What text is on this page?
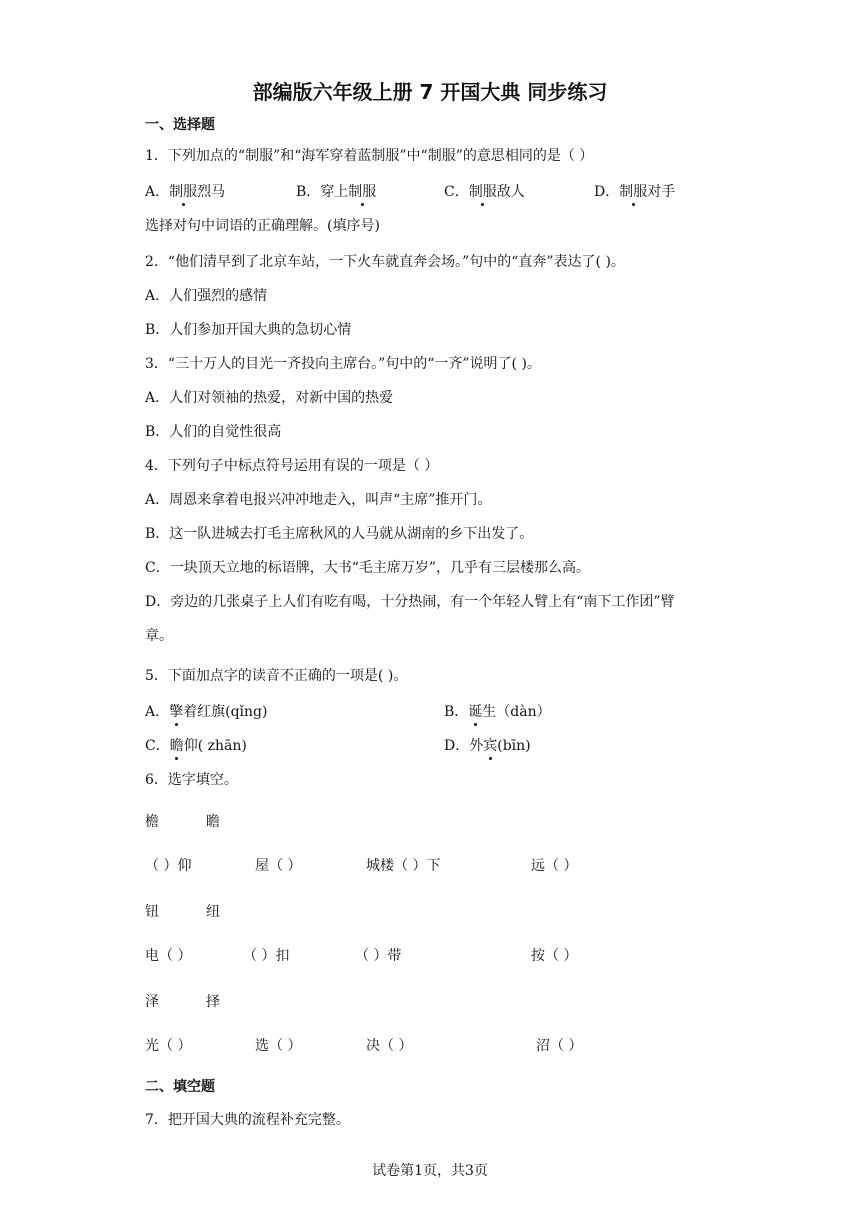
部编版六年级上册 7 开国大典 同步练习
一、选择题
1．下列加点的“制服”和“海军穿着蓝制服”中“制服”的意思相同的是（ ）
A．制服烈马	B．穿上制服	C．制服敌人	D．制服对手
选择对句中词语的正确理解。(填序号)
2．“他们清早到了北京车站，一下火车就直奔会场。”句中的“直奔”表达了( )。
A．人们强烈的感情
B．人们参加开国大典的急切心情
3．“三十万人的目光一齐投向主席台。”句中的“一齐”说明了( )。
A．人们对领袖的热爱，对新中国的热爱
B．人们的自觉性很高
4．下列句子中标点符号运用有误的一项是（ ）
A．周恩来拿着电报兴冲冲地走入，叫声“主席”推开门。
B．这一队进城去打毛主席秋风的人马就从湖南的乡下出发了。
C．一块顶天立地的标语牌，大书“毛主席万岁”，几乎有三层楼那么高。
D．旁边的几张桌子上人们有吃有喝，十分热闹，有一个年轻人臂上有“南下工作团”臂
章。
5．下面加点字的读音不正确的一项是( )。
A．擎着红旗(qǐng)	B．诞生（dàn）
C．瞻仰( zhān)	D．外宾(bīn)
6．选字填空。
檐	瞻
（ ）仰	屋（ ）	城楼（ ）下	远（ ）
钮	纽
电（ ）	（ ）扣	（ ）带	按（ ）
泽	择
光（ ）	选（ ）	决（ ）	沼（ ）
二、填空题
7．把开国大典的流程补充完整。
试卷第1页，共3页
